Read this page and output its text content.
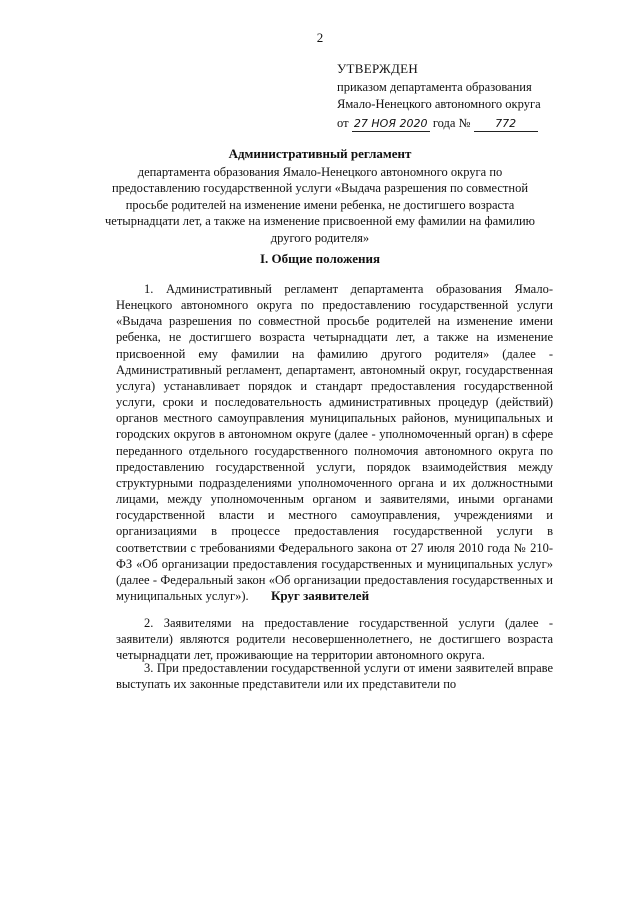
2
УТВЕРЖДЕН
приказом департамента образования
Ямало-Ненецкого автономного округа
от 27 НОЯ 2020 года № 772
Административный регламент
департамента образования Ямало-Ненецкого автономного округа по предоставлению государственной услуги «Выдача разрешения по совместной просьбе родителей на изменение имени ребенка, не достигшего возраста четырнадцати лет, а также на изменение присвоенной ему фамилии на фамилию другого родителя»
I. Общие положения

1. Административный регламент департамента образования Ямало-Ненецкого автономного округа по предоставлению государственной услуги «Выдача разрешения по совместной просьбе родителей на изменение имени ребенка, не достигшего возраста четырнадцати лет, а также на изменение присвоенной ему фамилии на фамилию другого родителя» (далее - Административный регламент, департамент, автономный округ, государственная услуга) устанавливает порядок и стандарт предоставления государственной услуги, сроки и последовательность административных процедур (действий) органов местного самоуправления муниципальных районов, муниципальных и городских округов в автономном округе (далее - уполномоченный орган) в сфере переданного отдельного государственного полномочия автономного округа по предоставлению государственной услуги, порядок взаимодействия между структурными подразделениями уполномоченного органа и их должностными лицами, между уполномоченным органом и заявителями, иными органами государственной власти и местного самоуправления, учреждениями и организациями в процессе предоставления государственной услуги в соответствии с требованиями Федерального закона от 27 июля 2010 года № 210-ФЗ «Об организации предоставления государственных и муниципальных услуг» (далее - Федеральный закон «Об организации предоставления государственных и муниципальных услуг»).	Круг заявителей

2. Заявителями на предоставление государственной услуги (далее - заявители) являются родители несовершеннолетнего, не достигшего возраста четырнадцати лет, проживающие на территории автономного округа.

3. При предоставлении государственной услуги от имени заявителей вправе выступать их законные представители или их представители по
